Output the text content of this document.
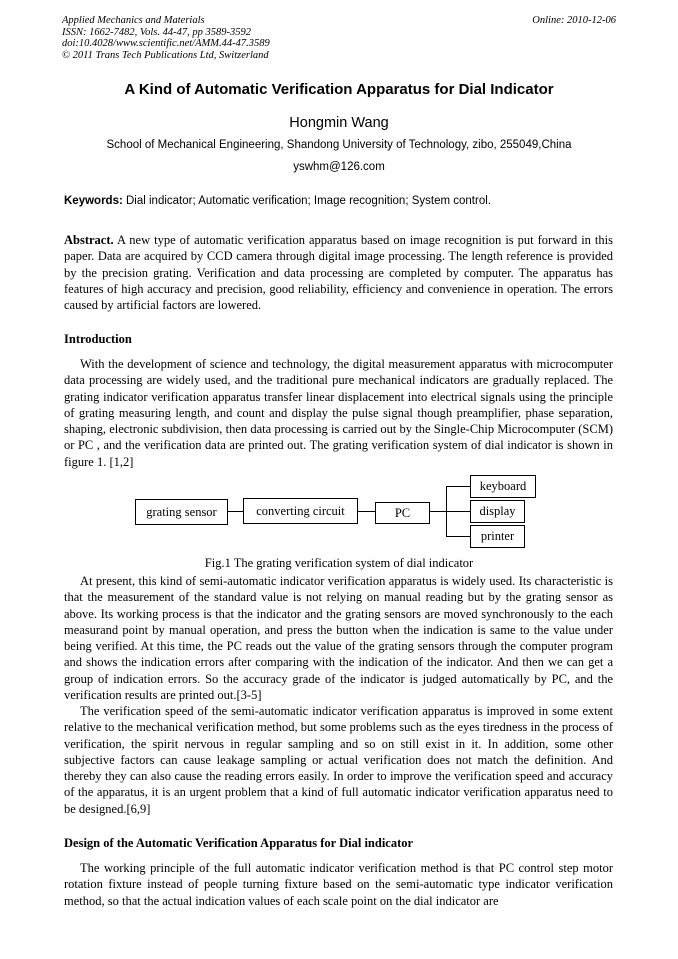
Applied Mechanics and Materials
ISSN: 1662-7482, Vols. 44-47, pp 3589-3592
doi:10.4028/www.scientific.net/AMM.44-47.3589
© 2011 Trans Tech Publications Ltd, Switzerland
Online: 2010-12-06
A Kind of Automatic Verification Apparatus for Dial Indicator
Hongmin Wang
School of Mechanical Engineering, Shandong University of Technology, zibo, 255049,China
yswhm@126.com
Keywords: Dial indicator; Automatic verification; Image recognition; System control.

Abstract. A new type of automatic verification apparatus based on image recognition is put forward in this paper. Data are acquired by CCD camera through digital image processing. The length reference is provided by the precision grating. Verification and data processing are completed by computer. The apparatus has features of high accuracy and precision, good reliability, efficiency and convenience in operation. The errors caused by artificial factors are lowered.

Introduction

With the development of science and technology, the digital measurement apparatus with microcomputer data processing are widely used, and the traditional pure mechanical indicators are gradually replaced. The grating indicator verification apparatus transfer linear displacement into electrical signals using the principle of grating measuring length, and count and display the pulse signal though preamplifier, phase separation, shaping, electronic subdivision, then data processing is carried out by the Single-Chip Microcomputer (SCM) or PC , and the verification data are printed out. The grating verification system of dial indicator is shown in figure 1. [1,2]

grating sensor	converting circuit	PC
keyboard
display
printer
Fig.1 The grating verification system of dial indicator

At present, this kind of semi-automatic indicator verification apparatus is widely used. Its characteristic is that the measurement of the standard value is not relying on manual reading but by the grating sensor as above. Its working process is that the indicator and the grating sensors are moved synchronously to the each measurand point by manual operation, and press the button when the indication is same to the value under being verified. At this time, the PC reads out the value of the grating sensors through the computer program and shows the indication errors after comparing with the indication of the indicator. And then we can get a group of indication errors. So the accuracy grade of the indicator is judged automatically by PC, and the verification results are printed out.[3-5]

The verification speed of the semi-automatic indicator verification apparatus is improved in some extent relative to the mechanical verification method, but some problems such as the eyes tiredness in the process of verification, the spirit nervous in regular sampling and so on still exist in it. In addition, some other subjective factors can cause leakage sampling or actual verification does not match the definition. And thereby they can also cause the reading errors easily. In order to improve the verification speed and accuracy of the apparatus, it is an urgent problem that a kind of full automatic indicator verification apparatus need to be designed.[6,9]

Design of the Automatic Verification Apparatus for Dial indicator

The working principle of the full automatic indicator verification method is that PC control step motor rotation fixture instead of people turning fixture based on the semi-automatic type indicator verification method, so that the actual indication values of each scale point on the dial indicator are
